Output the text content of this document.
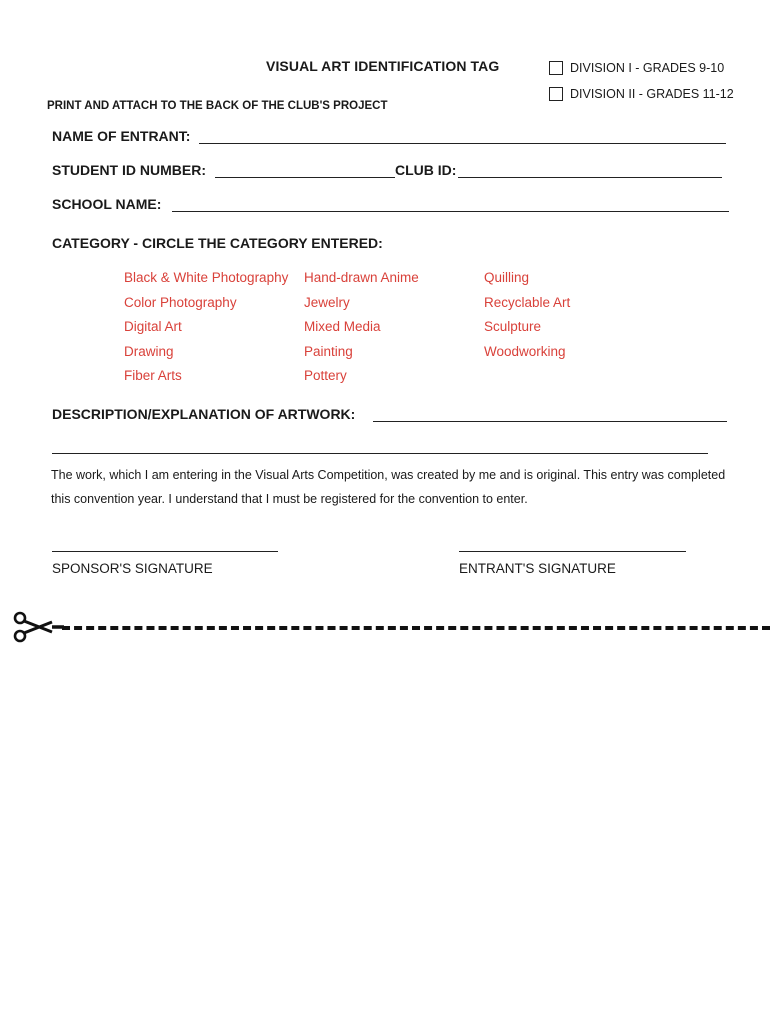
VISUAL ART IDENTIFICATION TAG	DIVISION I - GRADES 9-10
DIVISION II - GRADES 11-12
PRINT AND ATTACH TO THE BACK OF THE CLUB'S PROJECT
NAME OF ENTRANT:
STUDENT ID NUMBER:	CLUB ID:
SCHOOL NAME:
CATEGORY - CIRCLE THE CATEGORY ENTERED:
Black & White Photography
Color Photography
Digital Art
Drawing
Fiber Arts
Hand-drawn Anime
Jewelry
Mixed Media
Painting
Pottery
Quilling
Recyclable Art
Sculpture
Woodworking
DESCRIPTION/EXPLANATION OF ARTWORK:
The work, which I am entering in the Visual Arts Competition, was created by me and is original. This entry was completed this convention year. I understand that I must be registered for the convention to enter.
SPONSOR'S SIGNATURE	ENTRANT'S SIGNATURE
